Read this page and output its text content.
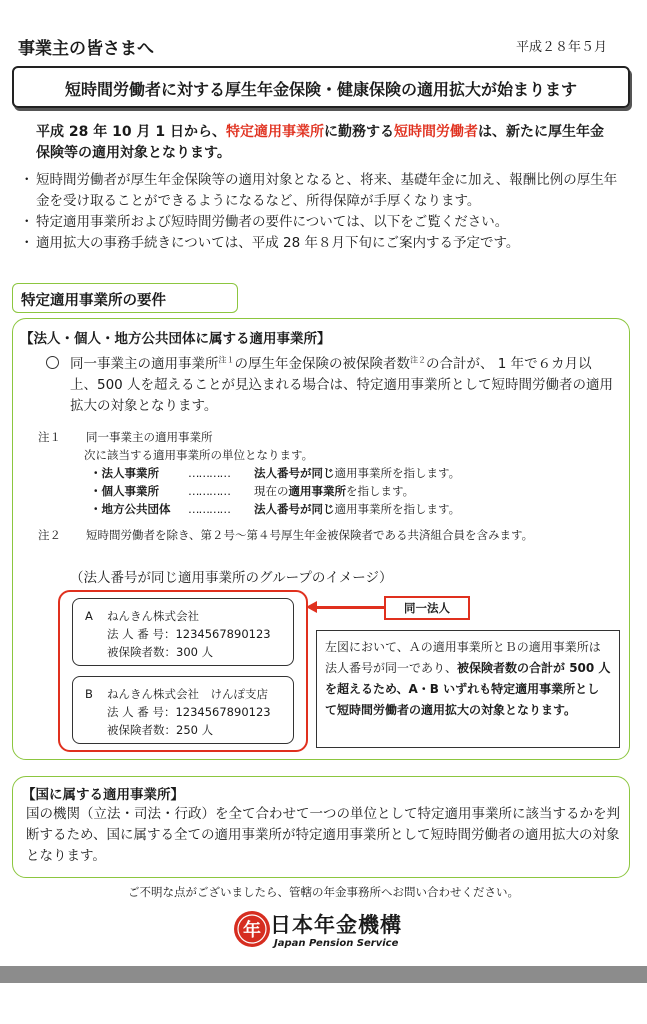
事業主の皆さまへ	平成２８年５月
短時間労働者に対する厚生年金保険・健康保険の適用拡大が始まります
平成 28 年 10 月 1 日から、特定適用事業所に勤務する短時間労働者は、新たに厚生年金保険等の適用対象となります。
・ 短時間労働者が厚生年金保険等の適用対象となると、将来、基礎年金に加え、報酬比例の厚生年金を受け取ることができるようになるなど、所得保障が手厚くなります。
・ 特定適用事業所および短時間労働者の要件については、以下をご覧ください。
・ 適用拡大の事務手続きについては、平成 28 年８月下旬にご案内する予定です。
特定適用事業所の要件
【法人・個人・地方公共団体に属する適用事業所】
同一事業主の適用事業所$^{注1}$の厚生年金保険の被保険者数$^{注2}$の合計が、 1 年で６カ月以上、500 人を超えることが見込まれる場合は、特定適用事業所として短時間労働者の適用拡大の対象となります。
注１	同一事業主の適用事業所
次に該当する適用事業所の単位となります。
・法人事業所	………… 法人番号が同じ適用事業所を指します。
・個人事業所	………… 現在の適用事業所を指します。
・地方公共団体 ………… 法人番号が同じ適用事業所を指します。
注２	短時間労働者を除き、第２号～第４号厚生年金被保険者である共済組合員を含みます。
（法人番号が同じ適用事業所のグループのイメージ）
A ねんきん株式会社
法 人 番 号：1234567890123
被保険者数：300 人
B ねんきん株式会社　けんぽ支店
法 人 番 号：1234567890123
被保険者数：250 人
同一法人
左図において、Ａの適用事業所とＢの適用事業所は法人番号が同一であり、被保険者数の合計が 500 人を超えるため、A・B いずれも特定適用事業所として短時間労働者の適用拡大の対象となります。
【国に属する適用事業所】
国の機関（立法・司法・行政）を全て合わせて一つの単位として特定適用事業所に該当するかを判断するため、国に属する全ての適用事業所が特定適用事業所として短時間労働者の適用拡大の対象となります。
ご不明な点がございましたら、管轄の年金事務所へお問い合わせください。
年 日本年金機構
Japan Pension Service
